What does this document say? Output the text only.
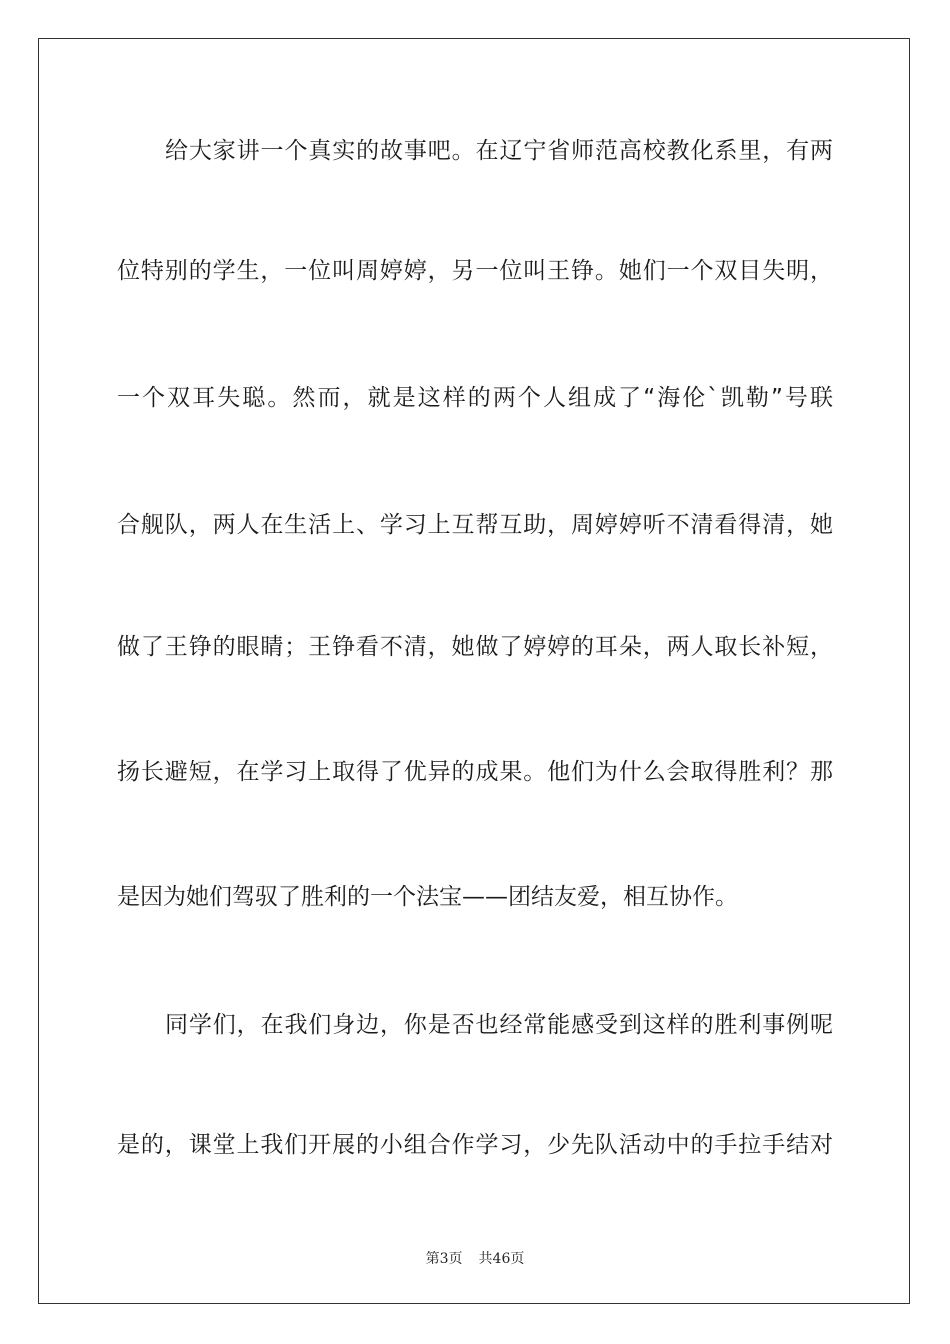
给大家讲一个真实的故事吧。在辽宁省师范高校教化系里，有两
位特别的学生，一位叫周婷婷，另一位叫王铮。她们一个双目失明，
一个双耳失聪。然而，就是这样的两个人组成了“海伦`凯勒”号联
合舰队，两人在生活上、学习上互帮互助，周婷婷听不清看得清，她
做了王铮的眼睛；王铮看不清，她做了婷婷的耳朵，两人取长补短，
扬长避短，在学习上取得了优异的成果。他们为什么会取得胜利？那
是因为她们驾驭了胜利的一个法宝——团结友爱，相互协作。
同学们，在我们身边，你是否也经常能感受到这样的胜利事例呢
是的，课堂上我们开展的小组合作学习，少先队活动中的手拉手结对
第3页 共46页
